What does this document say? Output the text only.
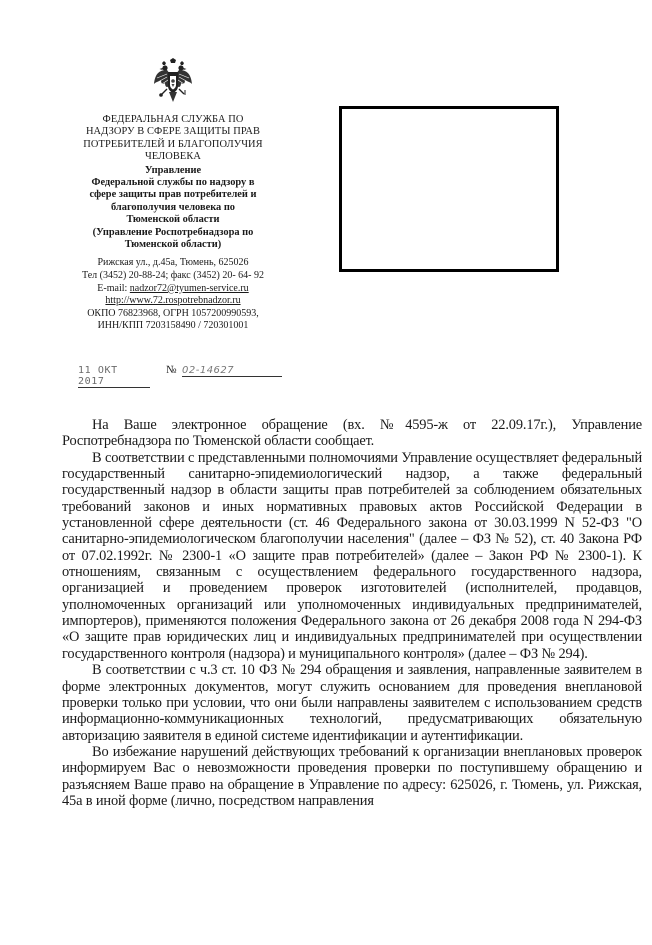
ФЕДЕРАЛЬНАЯ СЛУЖБА ПО
НАДЗОРУ В СФЕРЕ ЗАЩИТЫ ПРАВ
ПОТРЕБИТЕЛЕЙ И БЛАГОПОЛУЧИЯ
ЧЕЛОВЕКА
Управление
Федеральной службы по надзору в
сфере защиты прав потребителей и
благополучия человека по
Тюменской области
(Управление Роспотребнадзора по
Тюменской области)
Рижская ул., д.45а, Тюмень, 625026
Тел (3452) 20-88-24; факс (3452) 20- 64- 92
E-mail: nadzor72@tyumen-service.ru
http://www.72.rospotrebnadzor.ru
ОКПО 76823968, ОГРН 1057200990593,
ИНН/КПП 7203158490 / 720301001
11 ОКТ 2017
№ 02-14627

На Ваше электронное обращение (вх. №4595-ж от 22.09.17г.), Управление Роспотребнадзора по Тюменской области сообщает.

В соответствии с представленными полномочиями Управление осуществляет федеральный государственный санитарно-эпидемиологический надзор, а также федеральный государственный надзор в области защиты прав потребителей за соблюдением обязательных требований законов и иных нормативных правовых актов Российской Федерации в установленной сфере деятельности (ст. 46 Федерального закона от 30.03.1999 N 52-ФЗ "О санитарно-эпидемиологическом благополучии населения" (далее – ФЗ № 52), ст. 40 Закона РФ от 07.02.1992г. № 2300-1 «О защите прав потребителей» (далее – Закон РФ № 2300-1). К отношениям, связанным с осуществлением федерального государственного надзора, организацией и проведением проверок изготовителей (исполнителей, продавцов, уполномоченных организаций или уполномоченных индивидуальных предпринимателей, импортеров), применяются положения Федерального закона от 26 декабря 2008 года N 294-ФЗ «О защите прав юридических лиц и индивидуальных предпринимателей при осуществлении государственного контроля (надзора) и муниципального контроля» (далее – ФЗ № 294).

В соответствии с ч.3 ст. 10 ФЗ № 294 обращения и заявления, направленные заявителем в форме электронных документов, могут служить основанием для проведения внеплановой проверки только при условии, что они были направлены заявителем с использованием средств информационно-коммуникационных технологий, предусматривающих обязательную авторизацию заявителя в единой системе идентификации и аутентификации.

Во избежание нарушений действующих требований к организации внеплановых проверок информируем Вас о невозможности проведения проверки по поступившему обращению и разъясняем Ваше право на обращение в Управление по адресу: 625026, г. Тюмень, ул. Рижская, 45а в иной форме (лично, посредством направления
